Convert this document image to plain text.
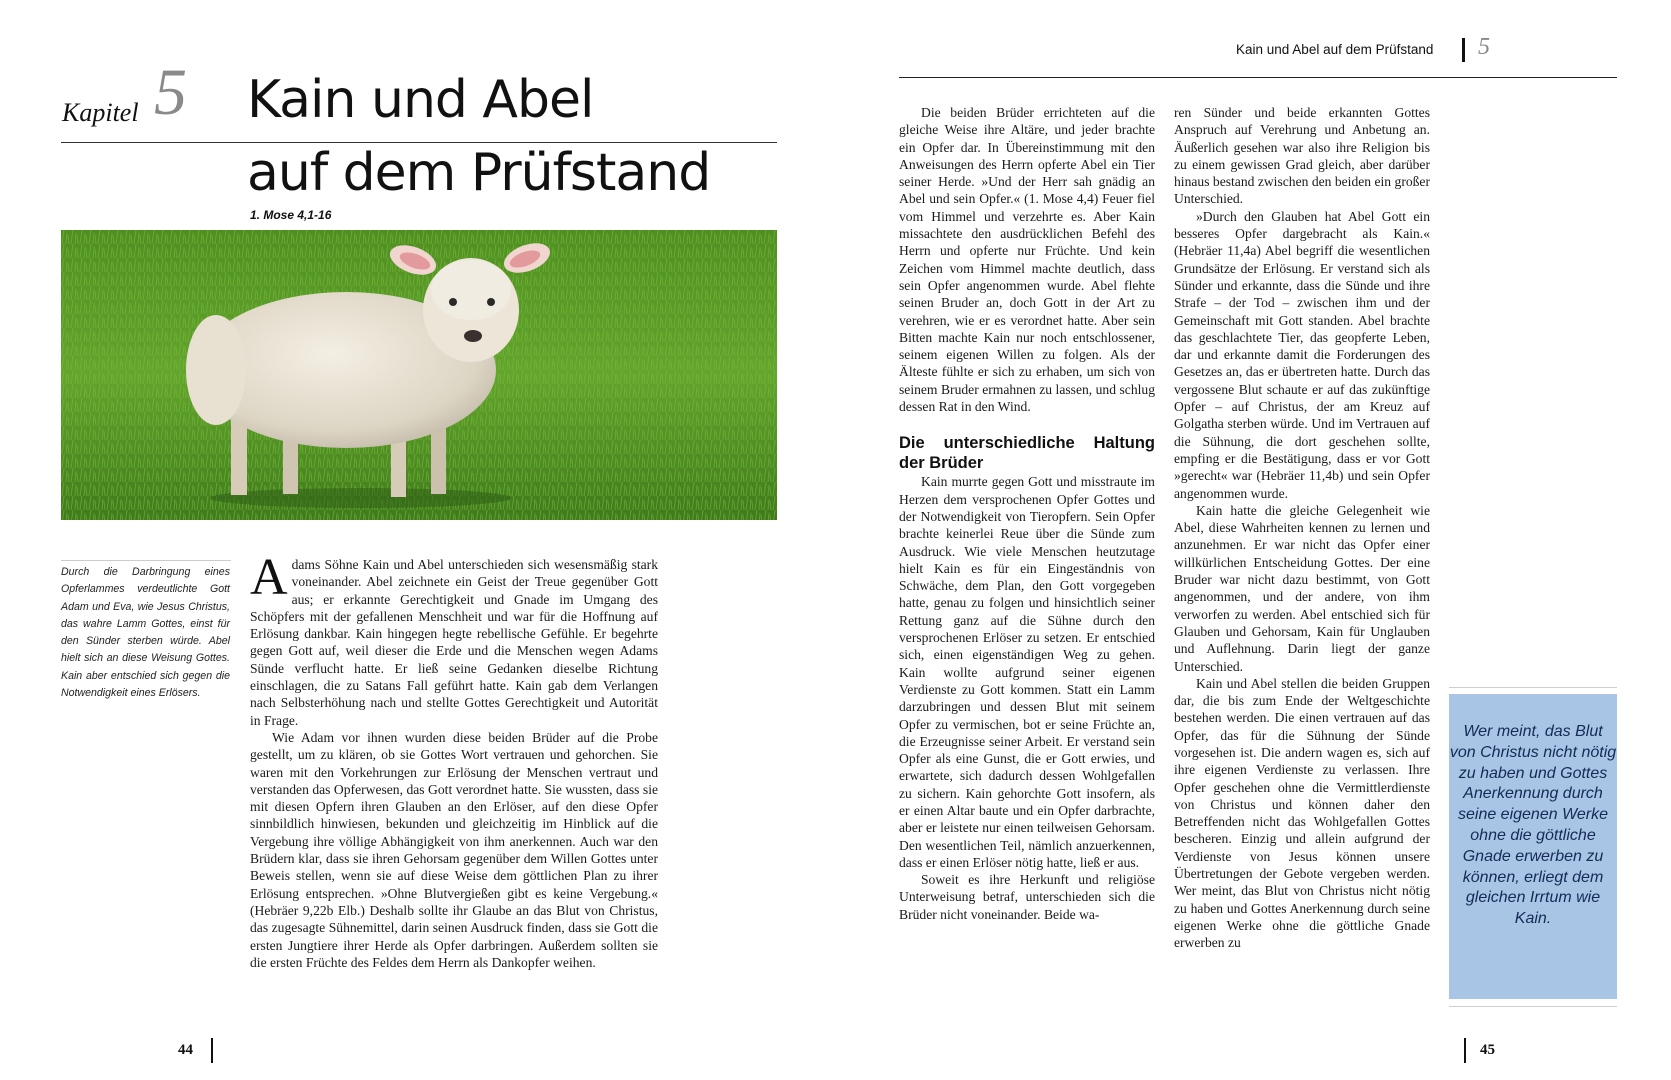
Kapitel 5 Kain und Abel
auf dem Prüfstand
1. Mose 4,1-16
Durch die Darbringung eines Opferlammes verdeutlichte Gott Adam und Eva, wie Jesus Christus, das wahre Lamm Gottes, einst für den Sünder sterben würde. Abel hielt sich an diese Weisung Gottes. Kain aber entschied sich gegen die Notwendigkeit eines Erlösers.

Adams Söhne Kain und Abel unterschieden sich wesensmäßig stark voneinander. Abel zeichnete ein Geist der Treue gegenüber Gott aus; er erkannte Gerechtigkeit und Gnade im Umgang des Schöpfers mit der gefallenen Menschheit und war für die Hoffnung auf Erlösung dankbar. Kain hingegen hegte rebellische Gefühle. Er begehrte gegen Gott auf, weil dieser die Erde und die Menschen wegen Adams Sünde verflucht hatte. Er ließ seine Gedanken dieselbe Richtung einschlagen, die zu Satans Fall geführt hatte. Kain gab dem Verlangen nach Selbsterhöhung nach und stellte Gottes Gerechtigkeit und Autorität in Frage.

Wie Adam vor ihnen wurden diese beiden Brüder auf die Probe gestellt, um zu klären, ob sie Gottes Wort vertrauen und gehorchen. Sie waren mit den Vorkehrungen zur Erlösung der Menschen vertraut und verstanden das Opferwesen, das Gott verordnet hatte. Sie wussten, dass sie mit diesen Opfern ihren Glauben an den Erlöser, auf den diese Opfer sinnbildlich hinwiesen, bekunden und gleichzeitig im Hinblick auf die Vergebung ihre völlige Abhängigkeit von ihm anerkennen. Auch war den Brüdern klar, dass sie ihren Gehorsam gegenüber dem Willen Gottes unter Beweis stellen, wenn sie auf diese Weise dem göttlichen Plan zu ihrer Erlösung entsprechen. »Ohne Blutvergießen gibt es keine Vergebung.« (Hebräer 9,22b Elb.) Deshalb sollte ihr Glaube an das Blut von Christus, das zugesagte Sühnemittel, darin seinen Ausdruck finden, dass sie Gott die ersten Jungtiere ihrer Herde als Opfer darbringen. Außerdem sollten sie die ersten Früchte des Feldes dem Herrn als Dankopfer weihen.

44
Kain und Abel auf dem Prüfstand 5

Die beiden Brüder errichteten auf die gleiche Weise ihre Altäre, und jeder brachte ein Opfer dar. In Übereinstimmung mit den Anweisungen des Herrn opferte Abel ein Tier seiner Herde. »Und der Herr sah gnädig an Abel und sein Opfer.« (1. Mose 4,4) Feuer fiel vom Himmel und verzehrte es. Aber Kain missachtete den ausdrücklichen Befehl des Herrn und opferte nur Früchte. Und kein Zeichen vom Himmel machte deutlich, dass sein Opfer angenommen wurde. Abel flehte seinen Bruder an, doch Gott in der Art zu verehren, wie er es verordnet hatte. Aber sein Bitten machte Kain nur noch entschlossener, seinem eigenen Willen zu folgen. Als der Älteste fühlte er sich zu erhaben, um sich von seinem Bruder ermahnen zu lassen, und schlug dessen Rat in den Wind.

Die unterschiedliche Haltung der Brüder

Kain murrte gegen Gott und misstraute im Herzen dem versprochenen Opfer Gottes und der Notwendigkeit von Tieropfern. Sein Opfer brachte keinerlei Reue über die Sünde zum Ausdruck. Wie viele Menschen heutzutage hielt Kain es für ein Eingeständnis von Schwäche, dem Plan, den Gott vorgegeben hatte, genau zu folgen und hinsichtlich seiner Rettung ganz auf die Sühne durch den versprochenen Erlöser zu setzen. Er entschied sich, einen eigenständigen Weg zu gehen. Kain wollte aufgrund seiner eigenen Verdienste zu Gott kommen. Statt ein Lamm darzubringen und dessen Blut mit seinem Opfer zu vermischen, bot er seine Früchte an, die Erzeugnisse seiner Arbeit. Er verstand sein Opfer als eine Gunst, die er Gott erwies, und erwartete, sich dadurch dessen Wohlgefallen zu sichern. Kain gehorchte Gott insofern, als er einen Altar baute und ein Opfer darbrachte, aber er leistete nur einen teilweisen Gehorsam. Den wesentlichen Teil, nämlich anzuerkennen, dass er einen Erlöser nötig hatte, ließ er aus.

Soweit es ihre Herkunft und religiöse Unterweisung betraf, unterschieden sich die Brüder nicht voneinander. Beide wa-

ren Sünder und beide erkannten Gottes Anspruch auf Verehrung und Anbetung an. Äußerlich gesehen war also ihre Religion bis zu einem gewissen Grad gleich, aber darüber hinaus bestand zwischen den beiden ein großer Unterschied.

»Durch den Glauben hat Abel Gott ein besseres Opfer dargebracht als Kain.« (Hebräer 11,4a) Abel begriff die wesentlichen Grundsätze der Erlösung. Er verstand sich als Sünder und erkannte, dass die Sünde und ihre Strafe – der Tod – zwischen ihm und der Gemeinschaft mit Gott standen. Abel brachte das geschlachtete Tier, das geopferte Leben, dar und erkannte damit die Forderungen des Gesetzes an, das er übertreten hatte. Durch das vergossene Blut schaute er auf das zukünftige Opfer – auf Christus, der am Kreuz auf Golgatha sterben würde. Und im Vertrauen auf die Sühnung, die dort geschehen sollte, empfing er die Bestätigung, dass er vor Gott »gerecht« war (Hebräer 11,4b) und sein Opfer angenommen wurde.

Kain hatte die gleiche Gelegenheit wie Abel, diese Wahrheiten kennen zu lernen und anzunehmen. Er war nicht das Opfer einer willkürlichen Entscheidung Gottes. Der eine Bruder war nicht dazu bestimmt, von Gott angenommen, und der andere, von ihm verworfen zu werden. Abel entschied sich für Glauben und Gehorsam, Kain für Unglauben und Auflehnung. Darin liegt der ganze Unterschied.

Kain und Abel stellen die beiden Gruppen dar, die bis zum Ende der Weltgeschichte bestehen werden. Die einen vertrauen auf das Opfer, das für die Sühnung der Sünde vorgesehen ist. Die andern wagen es, sich auf ihre eigenen Verdienste zu verlassen. Ihre Opfer geschehen ohne die Vermittlerdienste von Christus und können daher den Betreffenden nicht das Wohlgefallen Gottes bescheren. Einzig und allein aufgrund der Verdienste von Jesus können unsere Übertretungen der Gebote vergeben werden. Wer meint, das Blut von Christus nicht nötig zu haben und Gottes Anerkennung durch seine eigenen Werke ohne die göttliche Gnade erwerben zu

Wer meint, das Blut von Christus nicht nötig zu haben und Gottes Anerkennung durch seine eigenen Werke ohne die göttliche Gnade erwerben zu können, erliegt dem gleichen Irrtum wie Kain.
45
